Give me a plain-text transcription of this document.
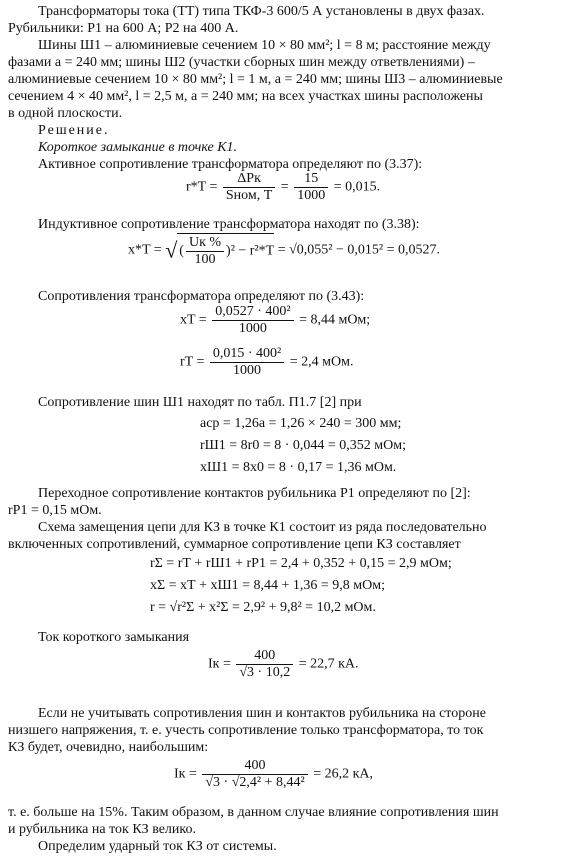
Трансформаторы тока (ТТ) типа ТКФ-3 600/5 А установлены в двух фазах.
Рубильники: Р1 на 600 А; Р2 на 400 А.
Шины Ш1 – алюминиевые сечением 10 × 80 мм²; l = 8 м; расстояние между
фазами a = 240 мм; шины Ш2 (участки сборных шин между ответвлениями) –
алюминиевые сечением 10 × 80 мм²; l = 1 м, a = 240 мм; шины Ш3 – алюминиевые
сечением 4 × 40 мм², l = 2,5 м, a = 240 мм; на всех участках шины расположены
в одной плоскости.
Решение.
Короткое замыкание в точке К1.
Активное сопротивление трансформатора определяют по (3.37):
$r*T = \frac{\text{ΔPк}}{\text{Sном, Т}} = \frac{15}{1000} = 0,015$.
Индуктивное сопротивление трансформатора находят по (3.38):
x*T = √ ( $\frac{Uк \%}{100} )^2 - r^2*T = √0,055^2 - 0,015^2 = 0,0527$.
Сопротивления трансформатора определяют по (3.43):
xT = $\frac{\text{0,0527 · 400²}}{1000} = 8,44$ мОм;
rT = $\frac{\text{0,015 · 400²}}{1000} = 2,4$ мОм.
Сопротивление шин Ш1 находят по табл. П1.7 [2] при
aср = 1,26a = 1,26 × 240 = 300 мм;
rШ1 = 8r0 = 8 · 0,044 = 0,352 мОм;
xШ1 = 8x0 = 8 · 0,17 = 1,36 мОм.
Переходное сопротивление контактов рубильника Р1 определяют по [2]:
rР1 = 0,15 мОм.
Схема замещения цепи для КЗ в точке К1 состоит из ряда последовательно
включенных сопротивлений, суммарное сопротивление цепи КЗ составляет
rΣ = rТ + rШ1 + rР1 = 2,4 + 0,352 + 0,15 = 2,9 мОм;
xΣ = xТ + xШ1 = 8,44 + 1,36 = 9,8 мОм;
r = √r²Σ + x²Σ = 2,9² + 9,8² = 10,2 мОм.
Ток короткого замыкания
Iк = $\frac{400}{√3 \cdot 10,2} = 22,7$ кА.
Если не учитывать сопротивления шин и контактов рубильника на стороне
низшего напряжения, т. е. учесть сопротивление только трансформатора, то ток
КЗ будет, очевидно, наибольшим:
Iк = $\frac{400}{\text{√3 · √2,4² + 8,44²}} = 26,2$ кА,
т. е. больше на 15%. Таким образом, в данном случае влияние сопротивления шин
и рубильника на ток КЗ велико.
Определим ударный ток КЗ от системы.
